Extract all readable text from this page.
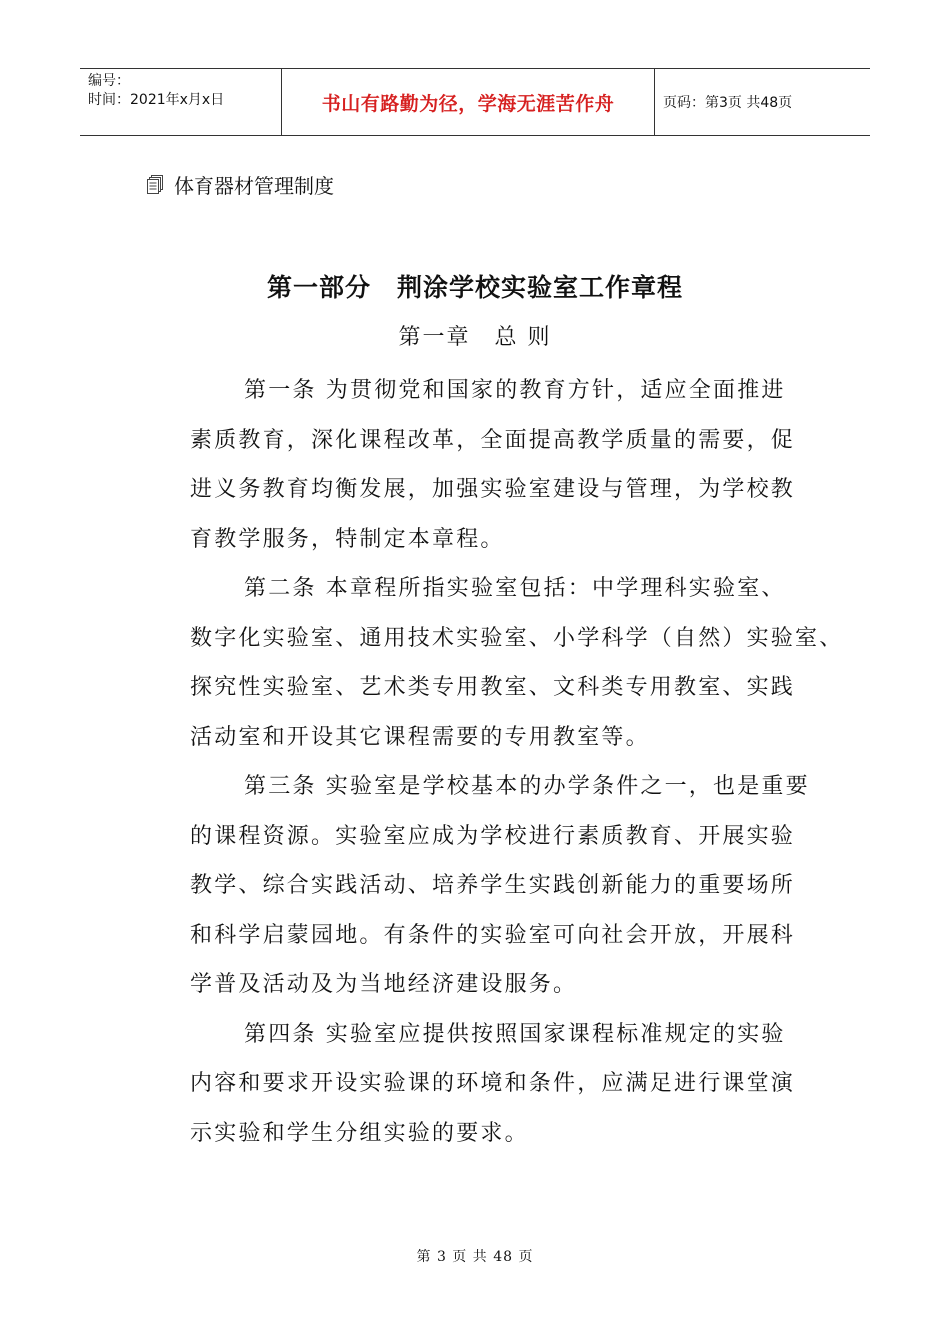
编号：
时间：2021年x月x日	书山有路勤为径，学海无涯苦作舟	页码：第3页 共48页
体育器材管理制度
第一部分　荆涂学校实验室工作章程
第一章　总 则
第一条 为贯彻党和国家的教育方针，适应全面推进
素质教育，深化课程改革，全面提高教学质量的需要，促
进义务教育均衡发展，加强实验室建设与管理，为学校教
育教学服务，特制定本章程。
第二条 本章程所指实验室包括：中学理科实验室、
数字化实验室、通用技术实验室、小学科学（自然）实验室、
探究性实验室、艺术类专用教室、文科类专用教室、实践
活动室和开设其它课程需要的专用教室等。
第三条 实验室是学校基本的办学条件之一，也是重要
的课程资源。实验室应成为学校进行素质教育、开展实验
教学、综合实践活动、培养学生实践创新能力的重要场所
和科学启蒙园地。有条件的实验室可向社会开放，开展科
学普及活动及为当地经济建设服务。
第四条 实验室应提供按照国家课程标准规定的实验
内容和要求开设实验课的环境和条件，应满足进行课堂演
示实验和学生分组实验的要求。
第 3 页 共 48 页
